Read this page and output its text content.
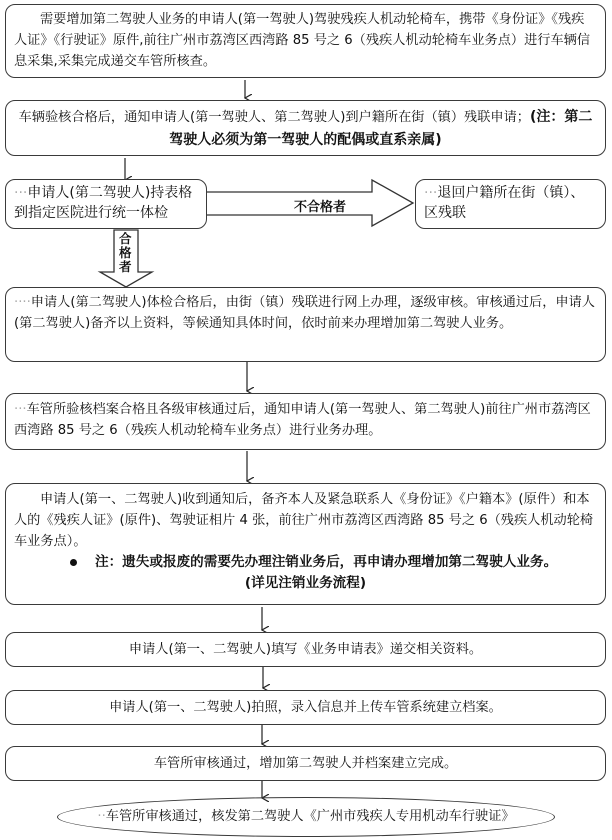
需要增加第二驾驶人业务的申请人(第一驾驶人)驾驶残疾人机动轮椅车，携带《身份证》《残疾人证》《行驶证》原件,前往广州市荔湾区西湾路 85 号之 6（残疾人机动轮椅车业务点）进行车辆信息采集,采集完成递交车管所核查。
车辆验核合格后，通知申请人(第一驾驶人、第二驾驶人)到户籍所在街（镇）残联申请；(注：第二驾驶人必须为第一驾驶人的配偶或直系亲属)
···申请人(第二驾驶人)持表格到指定医院进行统一体检	不合格者
···退回户籍所在街（镇）、区残联
合格者
····申请人(第二驾驶人)体检合格后，由街（镇）残联进行网上办理，逐级审核。审核通过后，申请人(第二驾驶人)备齐以上资料，等候通知具体时间，依时前来办理增加第二驾驶人业务。
···车管所验核档案合格且各级审核通过后，通知申请人(第一驾驶人、第二驾驶人)前往广州市荔湾区西湾路 85 号之 6（残疾人机动轮椅车业务点）进行业务办理。
申请人(第一、二驾驶人)收到通知后，备齐本人及紧急联系人《身份证》《户籍本》(原件）和本人的《残疾人证》(原件)、驾驶证相片 4 张，前往广州市荔湾区西湾路 85 号之 6（残疾人机动轮椅车业务点）。
注：遗失或报废的需要先办理注销业务后，再申请办理增加第二驾驶人业务。
(详见注销业务流程)
申请人(第一、二驾驶人)填写《业务申请表》递交相关资料。
申请人(第一、二驾驶人)拍照，录入信息并上传车管系统建立档案。
车管所审核通过，增加第二驾驶人并档案建立完成。
··车管所审核通过，核发第二驾驶人《广州市残疾人专用机动车行驶证》
